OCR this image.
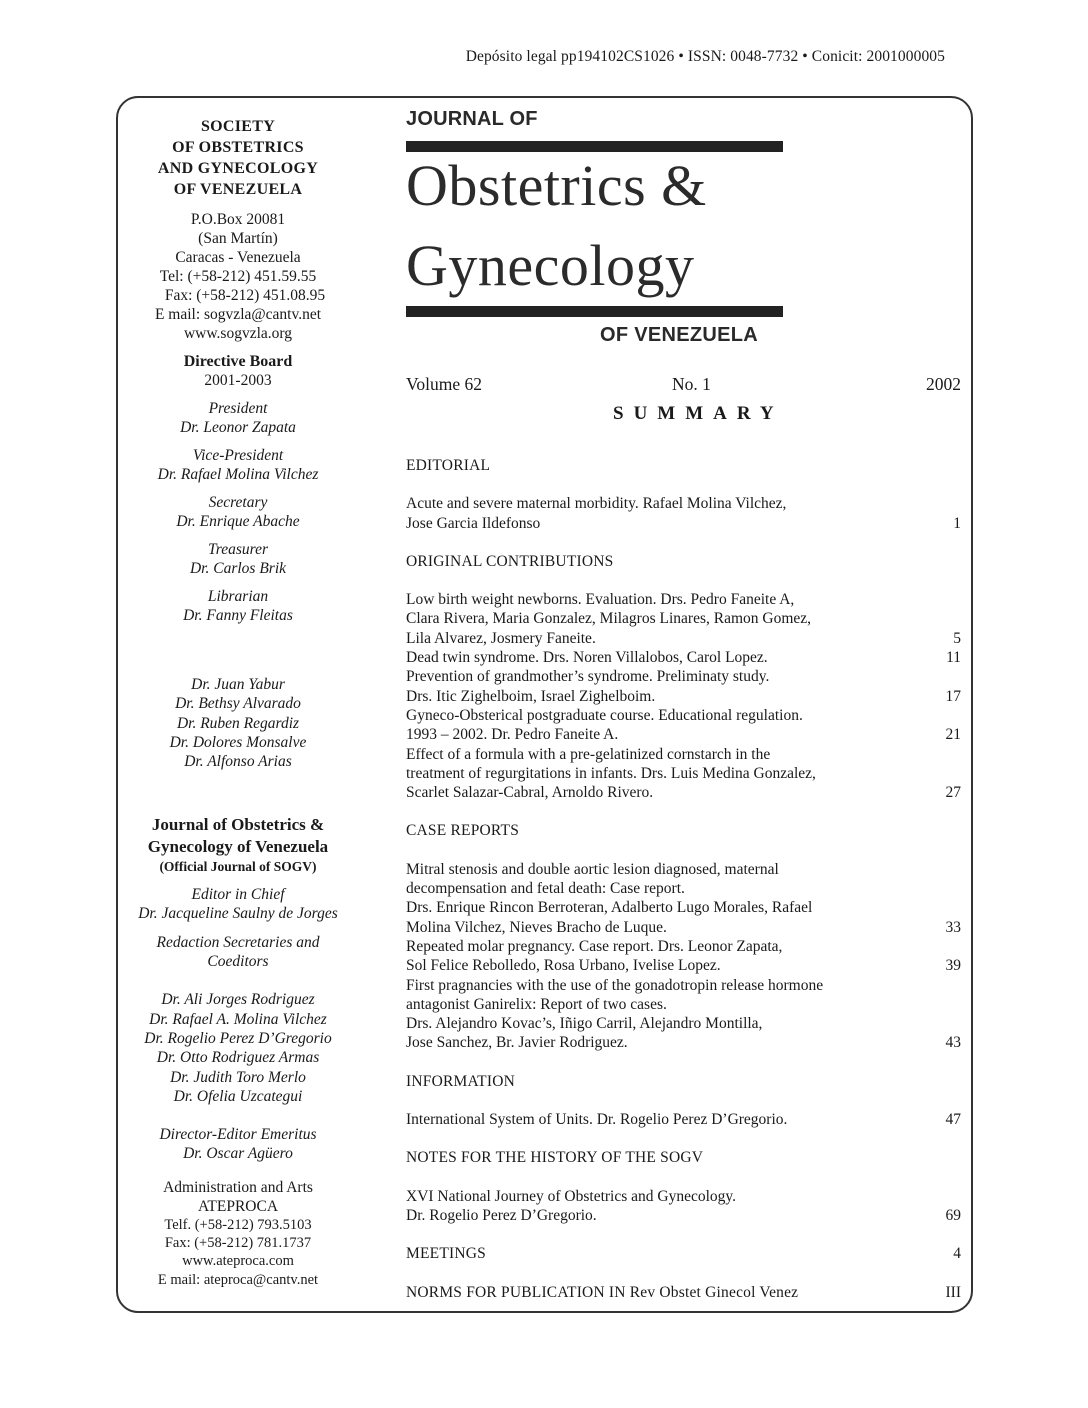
Depósito legal pp194102CS1026 • ISSN: 0048-7732 • Conicit: 2001000005
SOCIETY
OF OBSTETRICS
AND GYNECOLOGY
OF VENEZUELA
P.O.Box 20081
(San Martín)
Caracas - Venezuela
Tel: (+58-212) 451.59.55
Fax: (+58-212) 451.08.95
E mail: sogvzla@cantv.net
www.sogvzla.org
Directive Board
2001-2003
President
Dr. Leonor Zapata
Vice-President
Dr. Rafael Molina Vilchez
Secretary
Dr. Enrique Abache
Treasurer
Dr. Carlos Brik
Librarian
Dr. Fanny Fleitas
Dr. Juan Yabur
Dr. Bethsy Alvarado
Dr. Ruben Regardiz
Dr. Dolores Monsalve
Dr. Alfonso Arias
Journal of Obstetrics &
Gynecology of Venezuela
(Official Journal of SOGV)
Editor in Chief
Dr. Jacqueline Saulny de Jorges
Redaction Secretaries and
Coeditors
Dr. Ali Jorges Rodriguez
Dr. Rafael A. Molina Vilchez
Dr. Rogelio Perez D’Gregorio
Dr. Otto Rodriguez Armas
Dr. Judith Toro Merlo
Dr. Ofelia Uzcategui
Director-Editor Emeritus
Dr. Oscar Agüero
Administration and Arts
ATEPROCA
Telf. (+58-212) 793.5103
Fax: (+58-212) 781.1737
www.ateproca.com
E mail: ateproca@cantv.net
JOURNAL OF
Obstetrics &
Gynecology
OF VENEZUELA
Volume 62	No. 1	2002
SUMMARY
EDITORIAL
Acute and severe maternal morbidity. Rafael Molina Vilchez,
Jose Garcia Ildefonso	1
ORIGINAL CONTRIBUTIONS
Low birth weight newborns. Evaluation. Drs. Pedro Faneite A,
Clara Rivera, Maria Gonzalez, Milagros Linares, Ramon Gomez,
Lila Alvarez, Josmery Faneite.	5
Dead twin syndrome. Drs. Noren Villalobos, Carol Lopez.	11
Prevention of grandmother’s syndrome. Preliminaty study.
Drs. Itic Zighelboim, Israel Zighelboim.	17
Gyneco-Obsterical postgraduate course. Educational regulation.
1993 – 2002. Dr. Pedro Faneite A.	21
Effect of a formula with a pre-gelatinized cornstarch in the
treatment of regurgitations in infants. Drs. Luis Medina Gonzalez,
Scarlet Salazar-Cabral, Arnoldo Rivero.	27
CASE REPORTS
Mitral stenosis and double aortic lesion diagnosed, maternal
decompensation and fetal death: Case report.
Drs. Enrique Rincon Berroteran, Adalberto Lugo Morales, Rafael
Molina Vilchez, Nieves Bracho de Luque.	33
Repeated molar pregnancy. Case report. Drs. Leonor Zapata,
Sol Felice Rebolledo, Rosa Urbano, Ivelise Lopez.	39
First pragnancies with the use of the gonadotropin release hormone
antagonist Ganirelix: Report of two cases.
Drs. Alejandro Kovac’s, Iñigo Carril, Alejandro Montilla,
Jose Sanchez, Br. Javier Rodriguez.	43
INFORMATION
International System of Units. Dr. Rogelio Perez D’Gregorio.	47
NOTES FOR THE HISTORY OF THE SOGV
XVI National Journey of Obstetrics and Gynecology.
Dr. Rogelio Perez D’Gregorio.	69
MEETINGS	4
NORMS FOR PUBLICATION IN Rev Obstet Ginecol Venez	III
